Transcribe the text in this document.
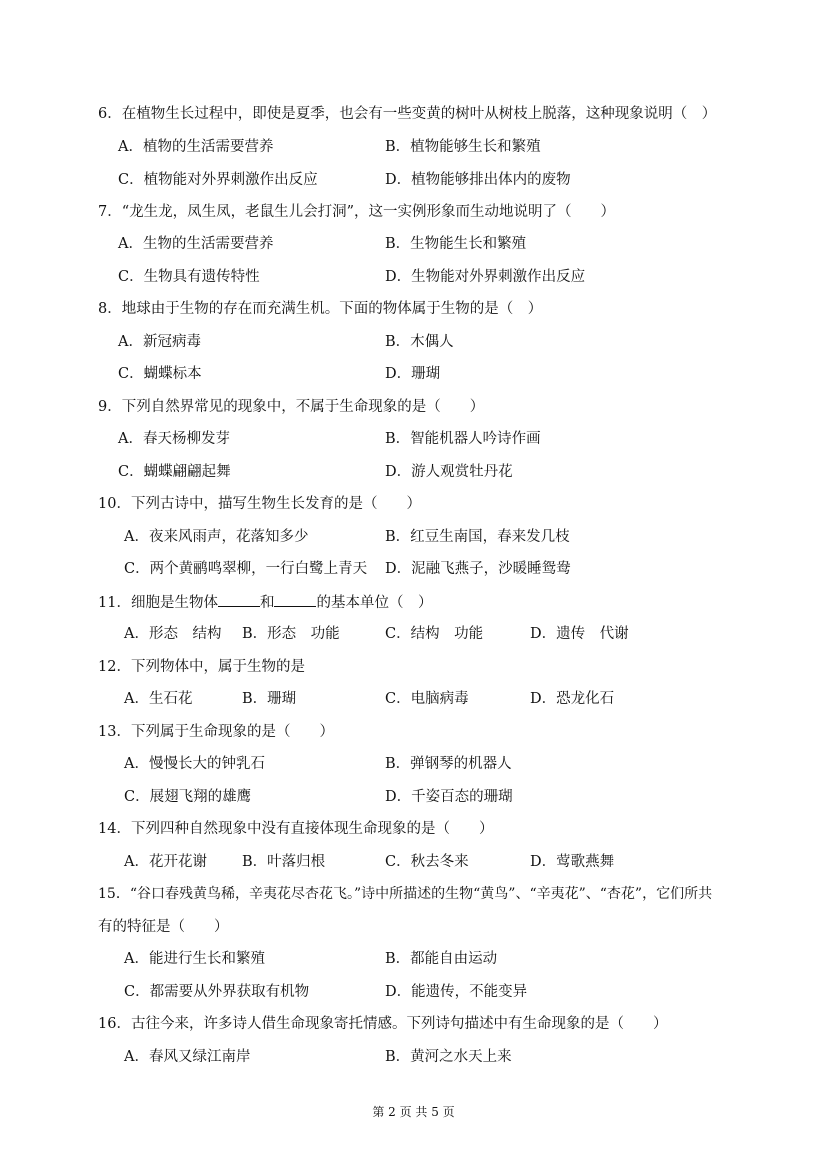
6．在植物生长过程中，即使是夏季，也会有一些变黄的树叶从树枝上脱落，这种现象说明（　）
A．植物的生活需要营养	B．植物能够生长和繁殖
C．植物能对外界刺激作出反应	D．植物能够排出体内的废物
7．“龙生龙，凤生凤，老鼠生儿会打洞”，这一实例形象而生动地说明了（　　）
A．生物的生活需要营养	B．生物能生长和繁殖
C．生物具有遗传特性	D．生物能对外界刺激作出反应
8．地球由于生物的存在而充满生机。下面的物体属于生物的是（　）
A．新冠病毒	B．木偶人
C．蝴蝶标本	D．珊瑚
9．下列自然界常见的现象中，不属于生命现象的是（　　）
A．春天杨柳发芽	B．智能机器人吟诗作画
C．蝴蝶翩翩起舞	D．游人观赏牡丹花
10．下列古诗中，描写生物生长发育的是（　　）
A．夜来风雨声，花落知多少	B．红豆生南国，春来发几枝
C．两个黄鹂鸣翠柳，一行白鹭上青天 D．泥融飞燕子，沙暖睡鸳鸯
11．细胞是生物体	和	的基本单位（　）
A．形态　结构 B．形态　功能	C．结构　功能	D．遗传　代谢
12．下列物体中，属于生物的是
A．生石花	B．珊瑚	C．电脑病毒	D．恐龙化石
13．下列属于生命现象的是（　　）
A．慢慢长大的钟乳石	B．弹钢琴的机器人
C．展翅飞翔的雄鹰	D．千姿百态的珊瑚
14．下列四种自然现象中没有直接体现生命现象的是（　　）
A．花开花谢 B．叶落归根	C．秋去冬来	D．莺歌燕舞
15．“谷口春残黄鸟稀，辛夷花尽杏花飞。”诗中所描述的生物“黄鸟”、“辛夷花”、“杏花”，它们所共
有的特征是（　　）
A．能进行生长和繁殖	B．都能自由运动
C．都需要从外界获取有机物	D．能遗传，不能变异
16．古往今来，许多诗人借生命现象寄托情感。下列诗句描述中有生命现象的是（　　）
A．春风又绿江南岸	B．黄河之水天上来
第 2 页 共 5 页
